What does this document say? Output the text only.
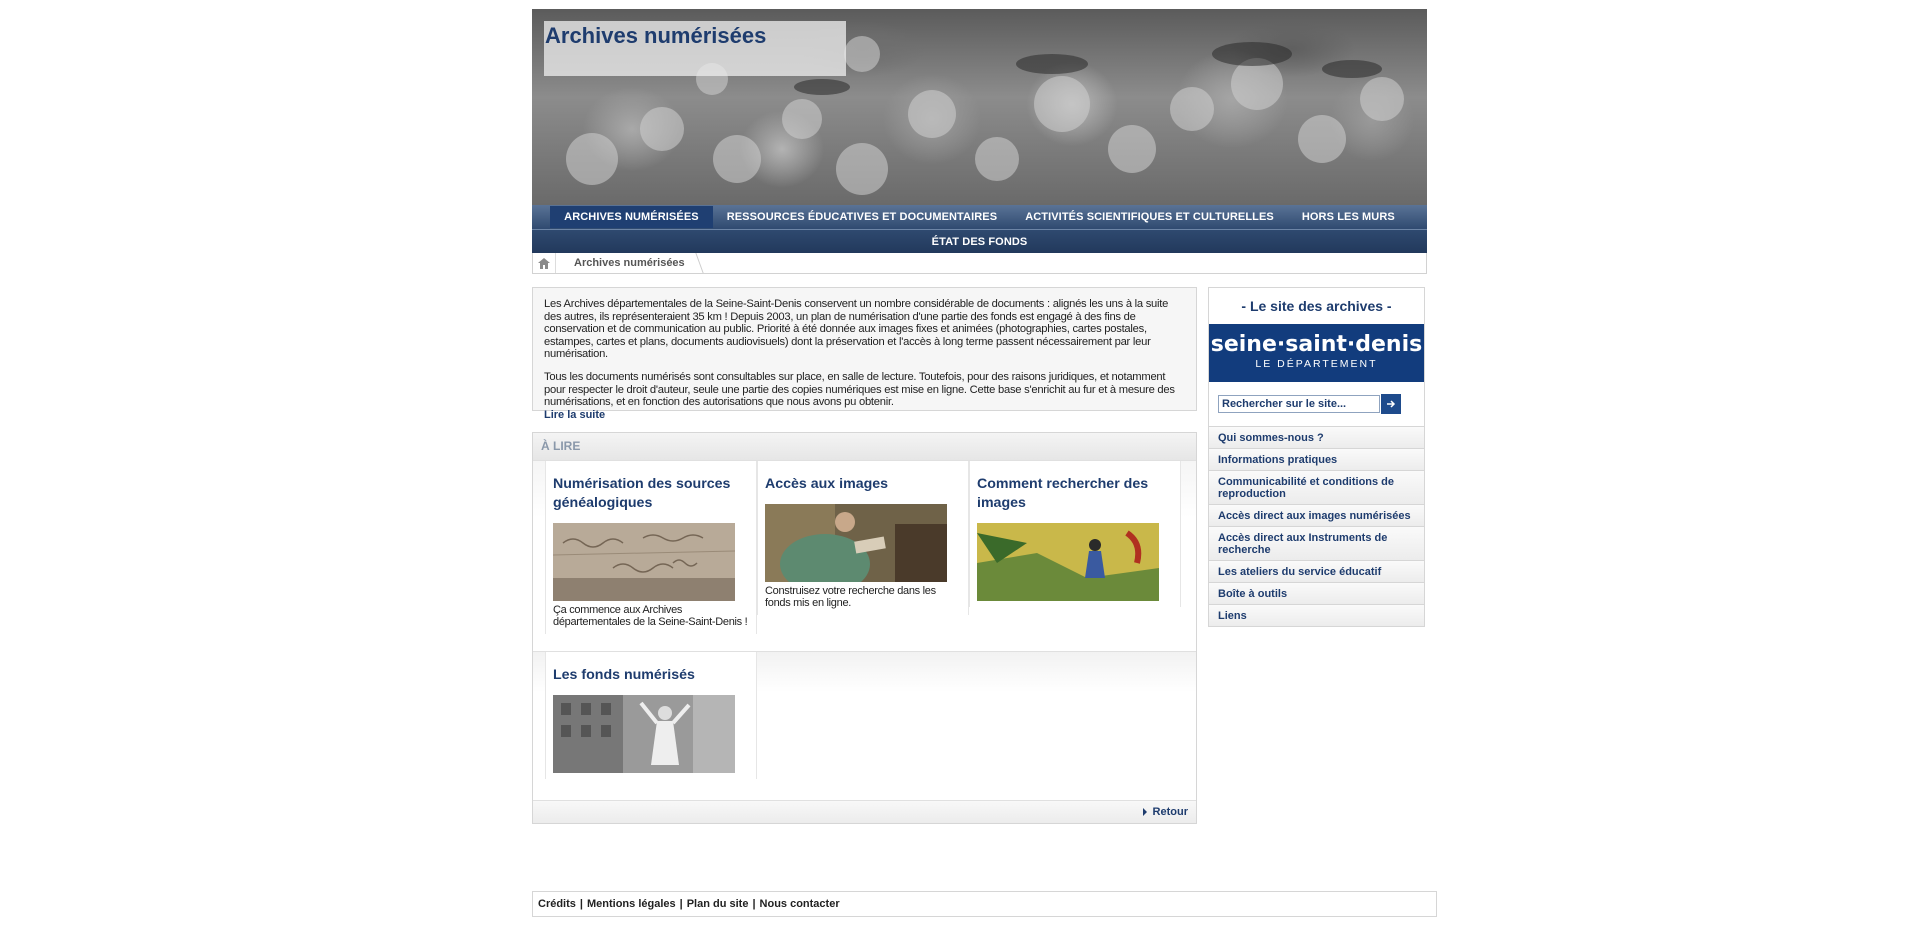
Archives numérisées
ARCHIVES NUMÉRISÉES	RESSOURCES ÉDUCATIVES ET DOCUMENTAIRES	ACTIVITÉS SCIENTIFIQUES ET CULTURELLES	HORS LES MURS
ÉTAT DES FONDS
Archives numérisées

Les Archives départementales de la Seine-Saint-Denis conservent un nombre considérable de documents : alignés les uns à la suite des autres, ils représenteraient 35 km ! Depuis 2003, un plan de numérisation d'une partie des fonds est engagé à des fins de conservation et de communication au public. Priorité à été donnée aux images fixes et animées (photographies, cartes postales, estampes, cartes et plans, documents audiovisuels) dont la préservation et l'accès à long terme passent nécessairement par leur numérisation.

Tous les documents numérisés sont consultables sur place, en salle de lecture. Toutefois, pour des raisons juridiques, et notamment pour respecter le droit d'auteur, seule une partie des copies numériques est mise en ligne. Cette base s'enrichit au fur et à mesure des numérisations, et en fonction des autorisations que nous avons pu obtenir.

Lire la suite
À LIRE
Numérisation des sources généalogiques
Ça commence aux Archives départementales de la Seine-Saint-Denis !
Accès aux images
Construisez votre recherche dans les fonds mis en ligne.
Comment rechercher des images
Les fonds numérisés
Retour
- Le site des archives -
seine·saint·denis
LE DÉPARTEMENT
Rechercher sur le site...
Qui sommes-nous ?
Informations pratiques
Communicabilité et conditions de reproduction
Accès direct aux images numérisées
Accès direct aux Instruments de recherche
Les ateliers du service éducatif
Boîte à outils
Liens
Crédits | Mentions légales | Plan du site | Nous contacter
